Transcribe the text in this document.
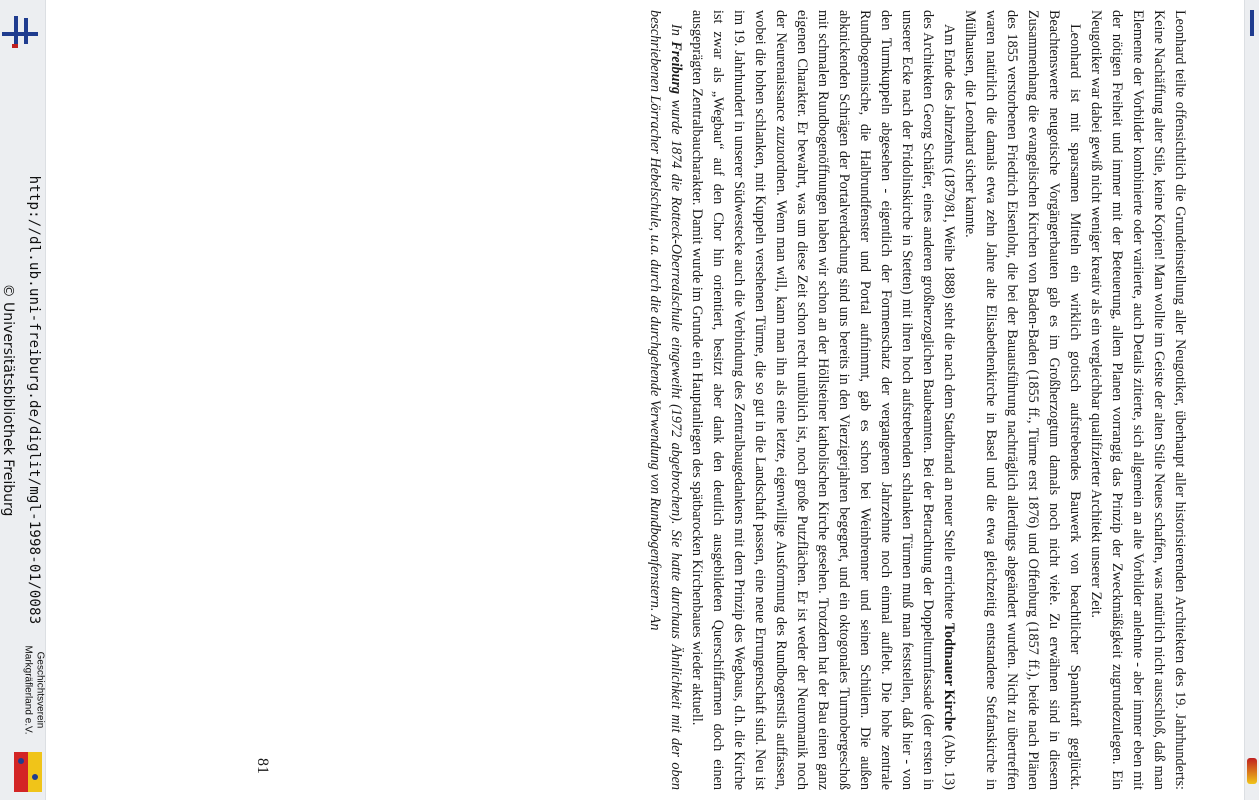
http://dl.ub.uni-freiburg.de/diglit/mgl-1998-01/0083
© Universitätsbibliothek Freiburg
Geschichtsverein
Markgräflerland e.V.	Leonhard teilte offensichtlich die Grundeinstellung aller Neugotiker, überhaupt aller historisierenden Architekten des 19. Jahrhunderts: Keine Nachäffung alter Stile, keine Kopien! Man wollte im Geiste der alten Stile Neues schaffen, was natürlich nicht ausschloß, daß man Elemente der Vorbilder kombinierte oder variierte, auch Details zitierte, sich allgemein an alte Vorbilder anlehnte - aber immer eben mit der nötigen Freiheit und immer mit der Beteuerung, allem Planen vorrangig das Prinzip der Zweckmäßigkeit zugrundezulegen. Ein Neugotiker war dabei gewiß nicht weniger kreativ als ein vergleichbar qualifizierter Architekt unserer Zeit.

Leonhard ist mit sparsamen Mitteln ein wirklich gotisch aufstrebendes Bauwerk von beachtlicher Spannkraft geglückt. Beachtenswerte neugotische Vorgängerbauten gab es im Großherzogtum damals noch nicht viele. Zu erwähnen sind in diesem Zusammenhang die evangelischen Kirchen von Baden-Baden (1855 ff., Türme erst 1876) und Offenburg (1857 ff.), beide nach Plänen des 1855 verstorbenen Friedrich Eisenlohr, die bei der Bauausführung nachträglich allerdings abgeändert wurden. Nicht zu übertreffen waren natürlich die damals etwa zehn Jahre alte Elisabethenkirche in Basel und die etwa gleichzeitig entstandene Stefanskirche in Mülhausen, die Leonhard sicher kannte.

Am Ende des Jahrzehnts (1879/81, Weihe 1888) steht die nach dem Stadtbrand an neuer Stelle errichtete Todtnauer Kirche (Abb. 13) des Architekten Georg Schäfer, eines anderen großherzoglichen Baubeamten. Bei der Betrachtung der Doppelturmfassade (der ersten in unserer Ecke nach der Fridolinskirche in Stetten) mit ihren hoch aufstrebenden schlanken Türmen muß man feststellen, daß hier - von den Turmkuppeln abgesehen - eigentlich der Formenschatz der vergangenen Jahrzehnte noch einmal auflebt. Die hohe zentrale Rundbogennische, die Halbrundfenster und Portal aufnimmt, gab es schon bei Weinbrenner und seinen Schülern. Die außen abknickenden Schrägen der Portalverdachung sind uns bereits in den Vierzigerjahren begegnet, und ein oktogonales Turmobergeschoß mit schmalen Rundbogenöffnungen haben wir schon an der Höllsteiner katholischen Kirche gesehen. Trotzdem hat der Bau einen ganz eigenen Charakter. Er bewahrt, was um diese Zeit schon recht unüblich ist, noch große Putzflächen. Er ist weder der Neuromanik noch der Neurenaissance zuzuordnen. Wenn man will, kann man ihn als eine letzte, eigenwillige Ausformung des Rundbogenstils auffassen, wobei die hohen schlanken, mit Kuppeln versehenen Türme, die so gut in die Landschaft passen, eine neue Errungenschaft sind. Neu ist im 19. Jahrhundert in unserer Südwestecke auch die Verbindung des Zentralbaugedankens mit dem Prinzip des Wegbaus, d.h. die Kirche ist zwar als „Wegbau“ auf den Chor hin orientiert, besitzt aber dank den deutlich ausgebildeten Querschiffarmen doch einen ausgeprägten Zentralbaucharakter. Damit wurde im Grunde ein Hauptanliegen des spätbarocken Kirchenbaues wieder aktuell.

In Freiburg wurde 1874 die Rotteck-Oberrealschule eingeweiht (1972 abgebrochen). Sie hatte durchaus Ähnlichkeit mit der oben beschriebenen Lörracher Hebelschule, u.a. durch die durchgehende Verwendung von Rundbogenfenstern. An

81
